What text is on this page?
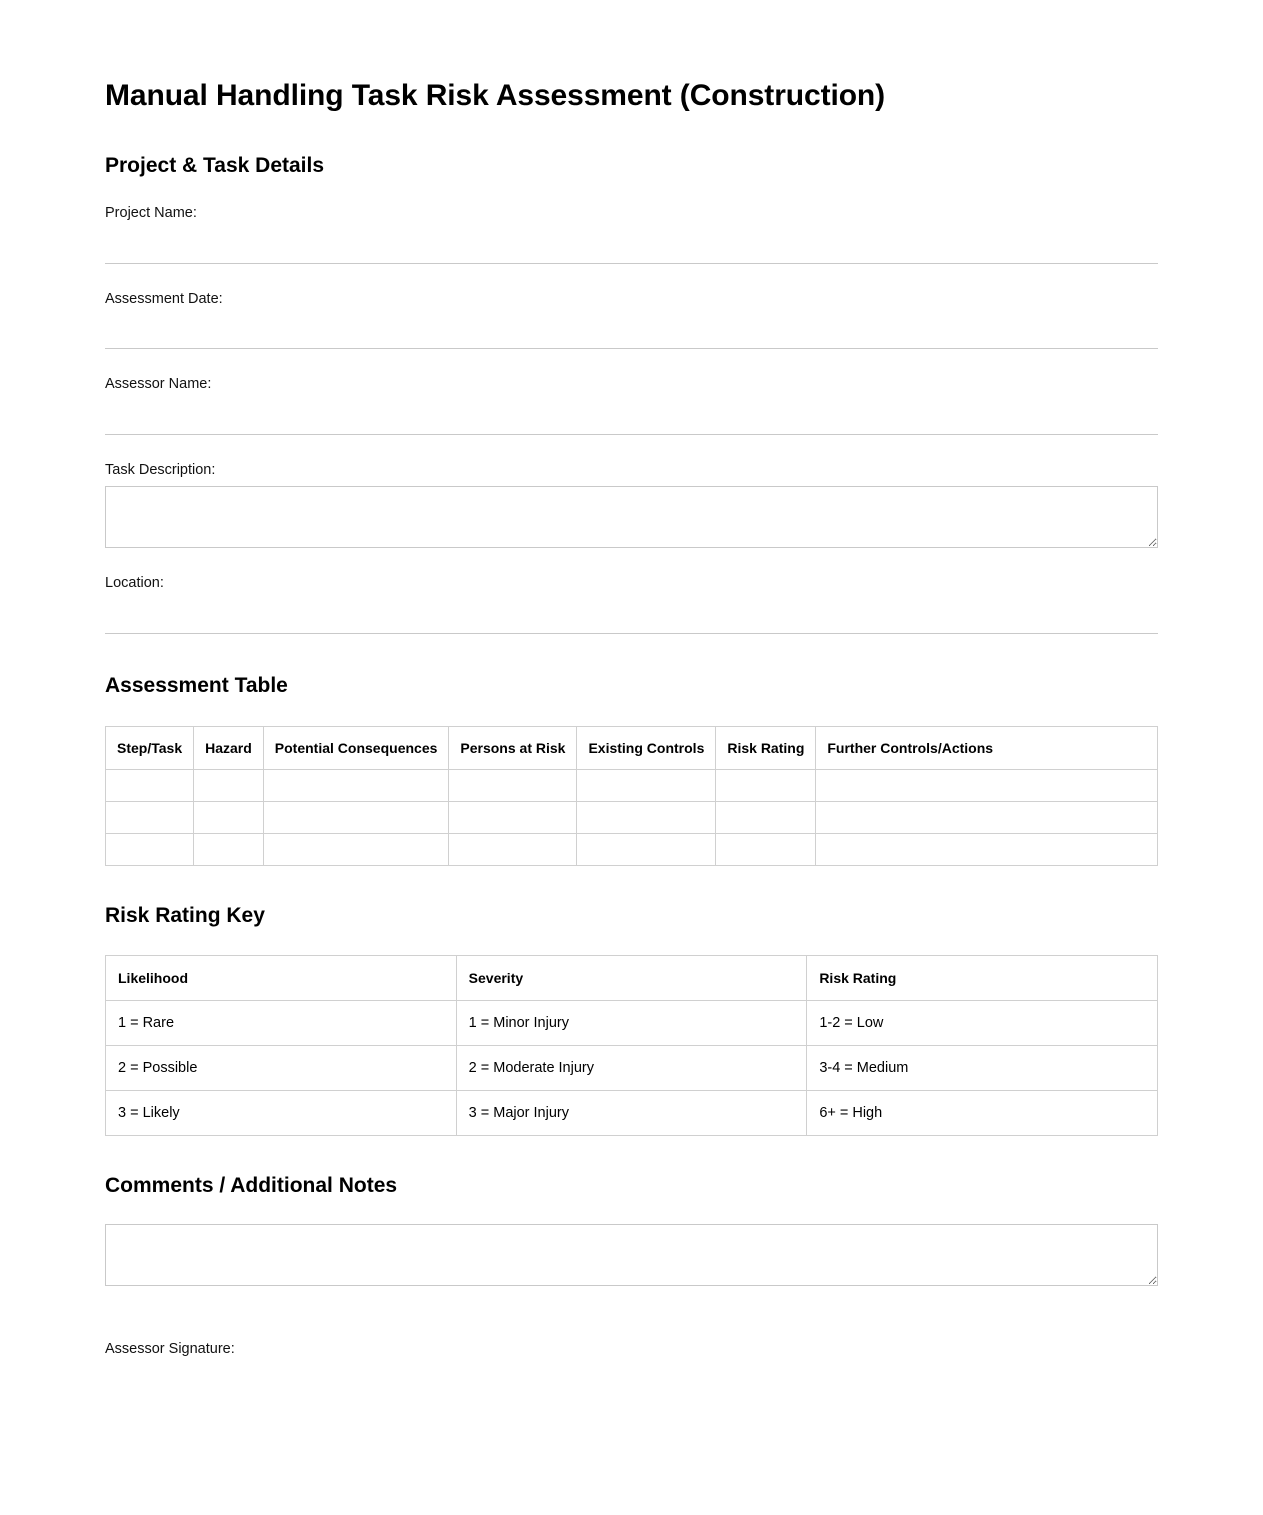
Manual Handling Task Risk Assessment (Construction)
Project & Task Details
Project Name:
Assessment Date:
Assessor Name:
Task Description:
Location:
Assessment Table
Step/Task	Hazard	Potential Consequences	Persons at Risk	Existing Controls	Risk Rating	Further Controls/Actions

Risk Rating Key
Likelihood	Severity	Risk Rating
1 = Rare	1 = Minor Injury	1-2 = Low
2 = Possible	2 = Moderate Injury	3-4 = Medium
3 = Likely	3 = Major Injury	6+ = High
Comments / Additional Notes
Assessor Signature:
